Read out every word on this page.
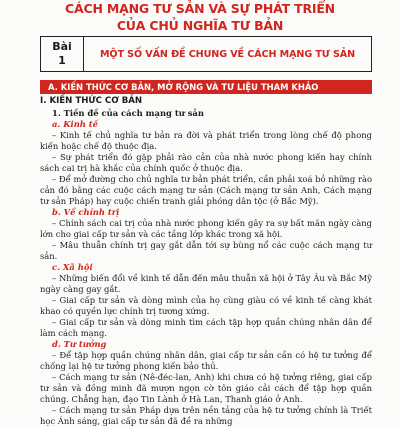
CÁCH MẠNG TƯ SẢN VÀ SỰ PHÁT TRIỂN
CỦA CHỦ NGHĨA TƯ BẢN
Bài
1	MỘT SỐ VẤN ĐỀ CHUNG VỀ CÁCH MẠNG TƯ SẢN
A. KIẾN THỨC CƠ BẢN, MỞ RỘNG VÀ TƯ LIỆU THAM KHẢO
I. KIẾN THỨC CƠ BẢN
1. Tiền đề của cách mạng tư sản
a. Kinh tế
– Kinh tế chủ nghĩa tư bản ra đời và phát triển trong lòng chế độ phong kiến hoặc chế độ thuộc địa.
– Sự phát triển đó gặp phải rào cản của nhà nước phong kiến hay chính sách cai trị hà khắc của chính quốc ở thuộc địa.
– Để mở đường cho chủ nghĩa tư bản phát triển, cần phải xoá bỏ những rào cản đó bằng các cuộc cách mạng tư sản (Cách mạng tư sản Anh, Cách mạng tư sản Pháp) hay cuộc chiến tranh giải phóng dân tộc (ở Bắc Mỹ).
b. Về chính trị
– Chính sách cai trị của nhà nước phong kiến gây ra sự bất mãn ngày càng lớn cho giai cấp tư sản và các tầng lớp khác trong xã hội.
– Mâu thuẫn chính trị gay gắt dẫn tới sự bùng nổ các cuộc cách mạng tư sản.
c. Xã hội
– Những biến đổi về kinh tế dẫn đến mâu thuẫn xã hội ở Tây Âu và Bắc Mỹ ngày càng gay gắt.
– Giai cấp tư sản và dòng mình của họ cùng giàu có về kinh tế càng khát khao có quyền lực chính trị tương xứng.
– Giai cấp tư sản và dòng minh tìm cách tập hợp quần chúng nhân dân để làm cách mạng.
d. Tư tưởng
– Để tập hợp quần chúng nhân dân, giai cấp tư sản cần có hệ tư tưởng để chống lại hệ tư tưởng phong kiến bảo thủ.
– Cách mạng tư sản (Nê-đéc-lan, Anh) khi chưa có hệ tưởng riêng, giai cấp tư sản và đồng minh đã mượn ngọn cờ tôn giáo cải cách để tập hợp quần chúng. Chẳng hạn, đạo Tin Lành ở Hà Lan, Thanh giáo ở Anh.
– Cách mạng tư sản Pháp dựa trên nền tảng của hệ tư tưởng chính là Triết học Ánh sáng, giai cấp tư sản đã đề ra những
